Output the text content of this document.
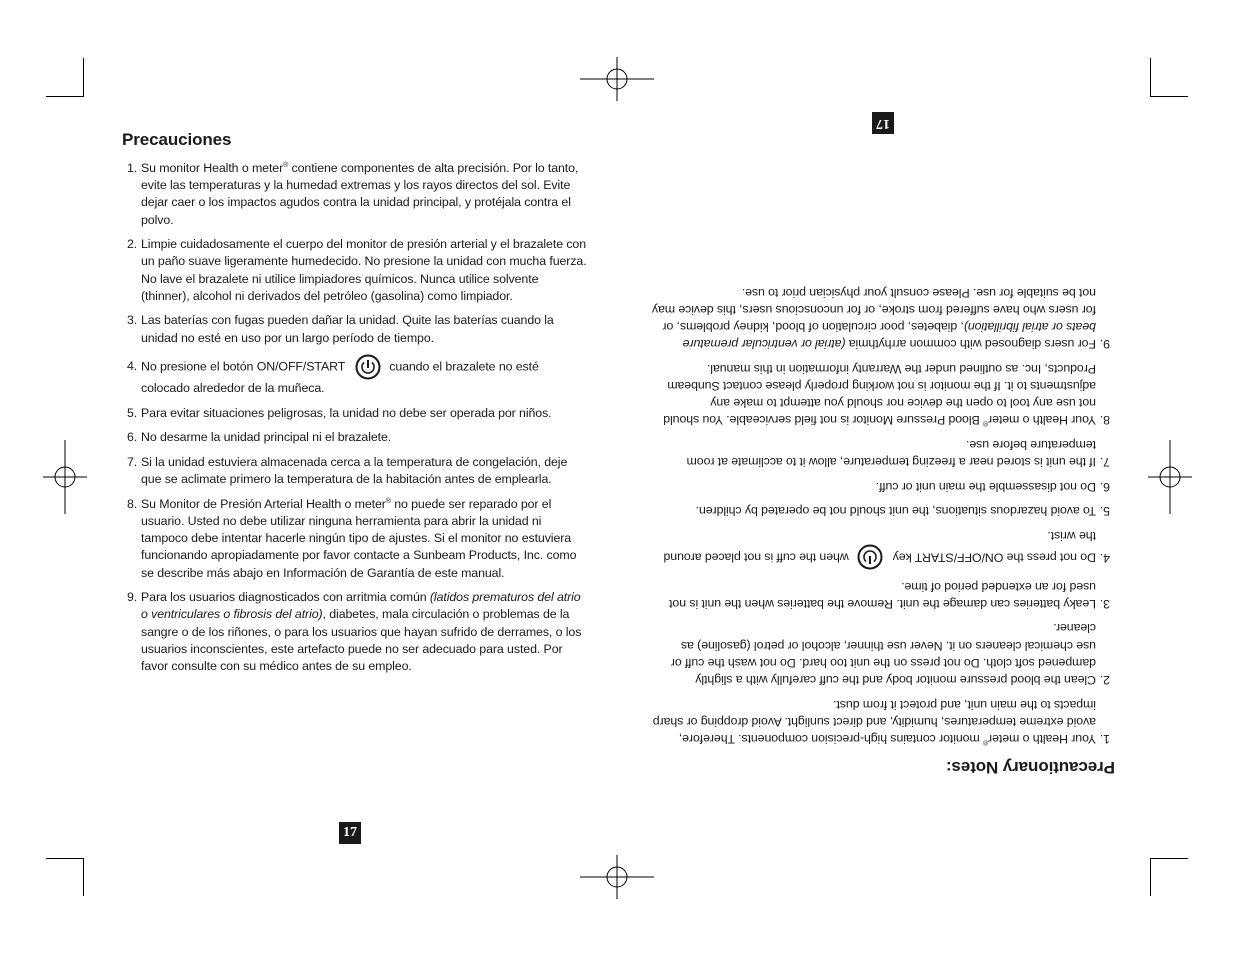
Precauciones
1. Su monitor Health o meter® contiene componentes de alta precisión. Por lo tanto, evite las temperaturas y la humedad extremas y los rayos directos del sol. Evite dejar caer o los impactos agudos contra la unidad principal, y protéjala contra el polvo.
2. Limpie cuidadosamente el cuerpo del monitor de presión arterial y el brazalete con un paño suave ligeramente humedecido. No presione la unidad con mucha fuerza. No lave el brazalete ni utilice limpiadores químicos. Nunca utilice solvente (thinner), alcohol ni derivados del petróleo (gasolina) como limpiador.
3. Las baterías con fugas pueden dañar la unidad. Quite las baterías cuando la unidad no esté en uso por un largo período de tiempo.
4. No presione el botón ON/OFF/START	cuando el brazalete no esté colocado alrededor de la muñeca.
5. Para evitar situaciones peligrosas, la unidad no debe ser operada por niños.
6. No desarme la unidad principal ni el brazalete.
7. Si la unidad estuviera almacenada cerca a la temperatura de congelación, deje que se aclimate primero la temperatura de la habitación antes de emplearla.
8. Su Monitor de Presión Arterial Health o meter® no puede ser reparado por el usuario. Usted no debe utilizar ninguna herramienta para abrir la unidad ni tampoco debe intentar hacerle ningún tipo de ajustes. Si el monitor no estuviera funcionando apropiadamente por favor contacte a Sunbeam Products, Inc. como se describe más abajo en Información de Garantía de este manual.
9. Para los usuarios diagnosticados con arritmia común (latidos prematuros del atrio o ventriculares o fibrosis del atrio), diabetes, mala circulación o problemas de la sangre o de los riñones, o para los usuarios que hayan sufrido de derrames, o los usuarios inconscientes, este artefacto puede no ser adecuado para usted. Por favor consulte con su médico antes de su empleo.
17
Precautionary Notes:
1.Your Health o meter® monitor contains high-precision components. Therefore, avoid extreme temperatures, humidity, and direct sunlight. Avoid dropping or sharp impacts to the main unit, and protect it from dust.
2.Clean the blood pressure monitor body and the cuff carefully with a slightly dampened soft cloth. Do not press on the unit too hard. Do not wash the cuff or use chemical cleaners on it. Never use thinner, alcohol or petrol (gasoline) as cleaner.
3.Leaky batteries can damage the unit. Remove the batteries when the unit is not used for an extended period of time.
4.Do not press the ON/OFF/START keywhen the cuff is not placed around the wrist.
5.To avoid hazardous situations, the unit should not be operated by children.
6.Do not disassemble the main unit or cuff.
7.If the unit is stored near a freezing temperature, allow it to acclimate at room temperature before use.
8.Your Health o meter® Blood Pressure Monitor is not field serviceable. You should not use any tool to open the device nor should you attempt to make any adjustments to it. If the monitor is not working properly please contact Sunbeam Products, Inc. as outlined under the Warranty information in this manual.
9.For users diagnosed with common arrhythmia (atrial or ventricular premature beats or atrial fibrillation), diabetes, poor circulation of blood, kidney problems, or for users who have suffered from stroke, or for unconscious users, this device may not be suitable for use. Please consult your physician prior to use.
17
